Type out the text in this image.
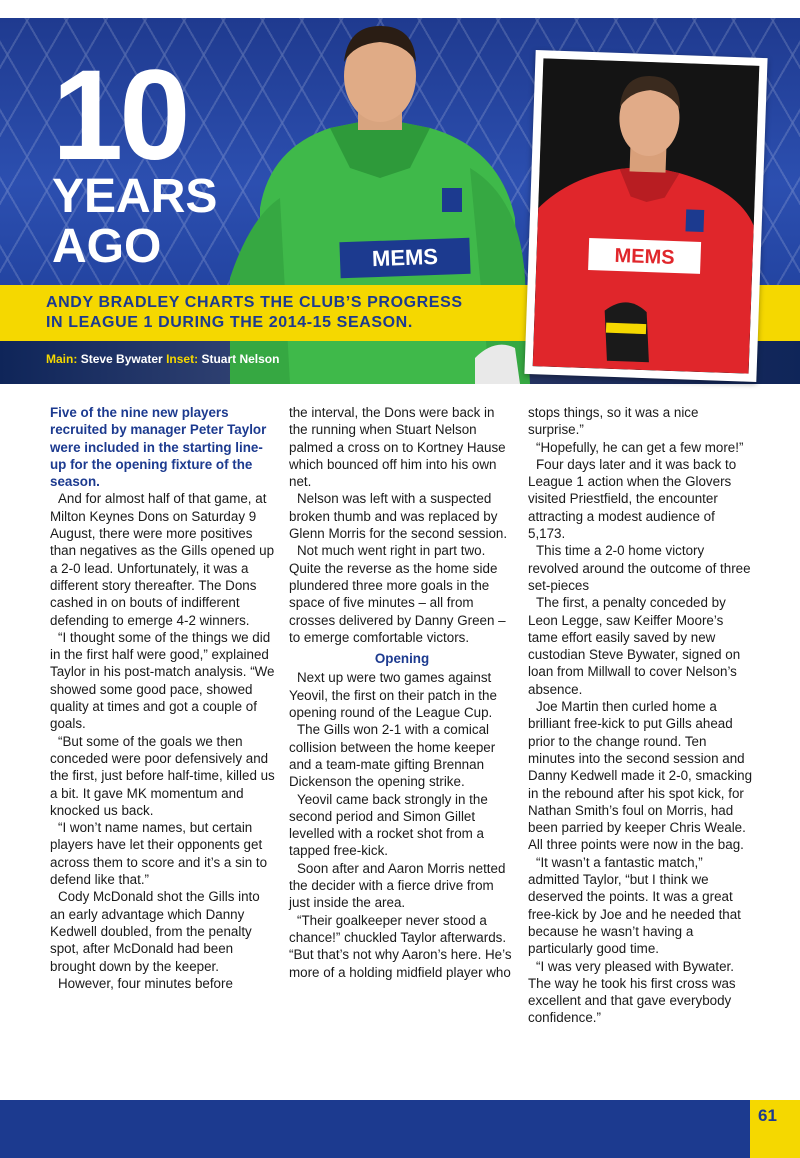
MEMS
10
YEARS
AGO
ANDY BRADLEY CHARTS THE CLUB’S PROGRESS
IN LEAGUE 1 DURING THE 2014-15 SEASON.
MEMS
Main: Steve Bywater Inset: Stuart Nelson

Five of the nine new players recruited by manager Peter Taylor were included in the starting line-up for the opening fixture of the season.

And for almost half of that game, at Milton Keynes Dons on Saturday 9 August, there were more positives than negatives as the Gills opened up a 2-0 lead. Unfortunately, it was a different story thereafter. The Dons cashed in on bouts of indifferent defending to emerge 4-2 winners.

“I thought some of the things we did in the first half were good,” explained Taylor in his post-match analysis. “We showed some good pace, showed quality at times and got a couple of goals.

“But some of the goals we then conceded were poor defensively and the first, just before half-time, killed us a bit. It gave MK momentum and knocked us back.

“I won’t name names, but certain players have let their opponents get across them to score and it’s a sin to defend like that.”

Cody McDonald shot the Gills into an early advantage which Danny Kedwell doubled, from the penalty spot, after McDonald had been brought down by the keeper.

However, four minutes before

the interval, the Dons were back in the running when Stuart Nelson palmed a cross on to Kortney Hause which bounced off him into his own net.

Nelson was left with a suspected broken thumb and was replaced by Glenn Morris for the second session.

Not much went right in part two. Quite the reverse as the home side plundered three more goals in the space of five minutes – all from crosses delivered by Danny Green – to emerge comfortable victors.

Opening

Next up were two games against Yeovil, the first on their patch in the opening round of the League Cup.

The Gills won 2-1 with a comical collision between the home keeper and a team-mate gifting Brennan Dickenson the opening strike.

Yeovil came back strongly in the second period and Simon Gillet levelled with a rocket shot from a tapped free-kick.

Soon after and Aaron Morris netted the decider with a fierce drive from just inside the area.

“Their goalkeeper never stood a chance!” chuckled Taylor afterwards. “But that’s not why Aaron’s here. He’s more of a holding midfield player who

stops things, so it was a nice surprise.”

“Hopefully, he can get a few more!”

Four days later and it was back to League 1 action when the Glovers visited Priestfield, the encounter attracting a modest audience of 5,173.

This time a 2-0 home victory revolved around the outcome of three set-pieces

The first, a penalty conceded by Leon Legge, saw Keiffer Moore’s tame effort easily saved by new custodian Steve Bywater, signed on loan from Millwall to cover Nelson’s absence.

Joe Martin then curled home a brilliant free-kick to put Gills ahead prior to the change round. Ten minutes into the second session and Danny Kedwell made it 2-0, smacking in the rebound after his spot kick, for Nathan Smith’s foul on Morris, had been parried by keeper Chris Weale. All three points were now in the bag.

“It wasn’t a fantastic match,” admitted Taylor, “but I think we deserved the points. It was a great free-kick by Joe and he needed that because he wasn’t having a particularly good time.

“I was very pleased with Bywater. The way he took his first cross was excellent and that gave everybody confidence.”

61
